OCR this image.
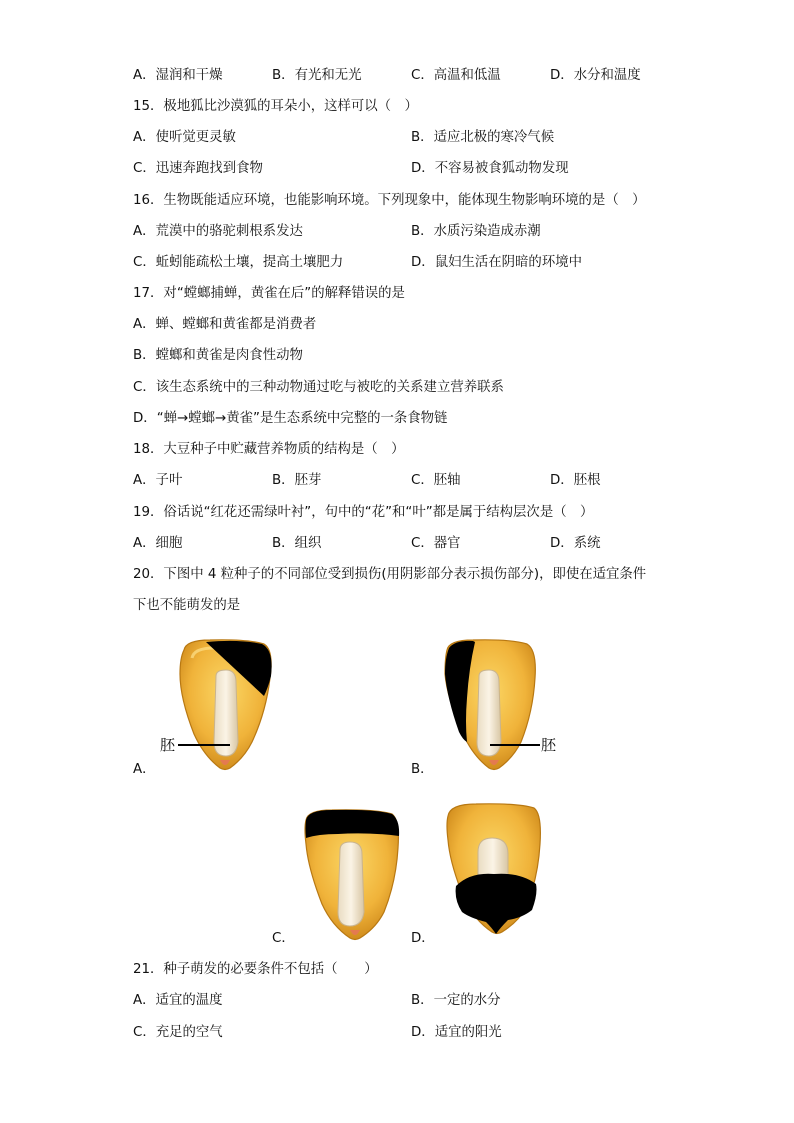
A．湿润和干燥	B．有光和无光	C．高温和低温	D．水分和温度
15．极地狐比沙漠狐的耳朵小，这样可以（　）
A．使听觉更灵敏	B．适应北极的寒冷气候
C．迅速奔跑找到食物	D．不容易被食狐动物发现
16．生物既能适应环境，也能影响环境。下列现象中，能体现生物影响环境的是（　）
A．荒漠中的骆驼刺根系发达	B．水质污染造成赤潮
C．蚯蚓能疏松土壤，提高土壤肥力	D．鼠妇生活在阴暗的环境中
17．对“螳螂捕蝉，黄雀在后”的解释错误的是
A．蝉、螳螂和黄雀都是消费者
B．螳螂和黄雀是肉食性动物
C．该生态系统中的三种动物通过吃与被吃的关系建立营养联系
D．“蝉→螳螂→黄雀”是生态系统中完整的一条食物链
18．大豆种子中贮藏营养物质的结构是（　）
A．子叶	B．胚芽	C．胚轴	D．胚根
19．俗话说“红花还需绿叶衬”，句中的“花”和“叶”都是属于结构层次是（　）
A．细胞	B．组织	C．器官	D．系统
20．下图中 4 粒种子的不同部位受到损伤(用阴影部分表示损伤部分)，即使在适宜条件
下也不能萌发的是
胚
A．
胚
B．
C．	D．
21．种子萌发的必要条件不包括（　　）
A．适宜的温度	B．一定的水分
C．充足的空气	D．适宜的阳光
